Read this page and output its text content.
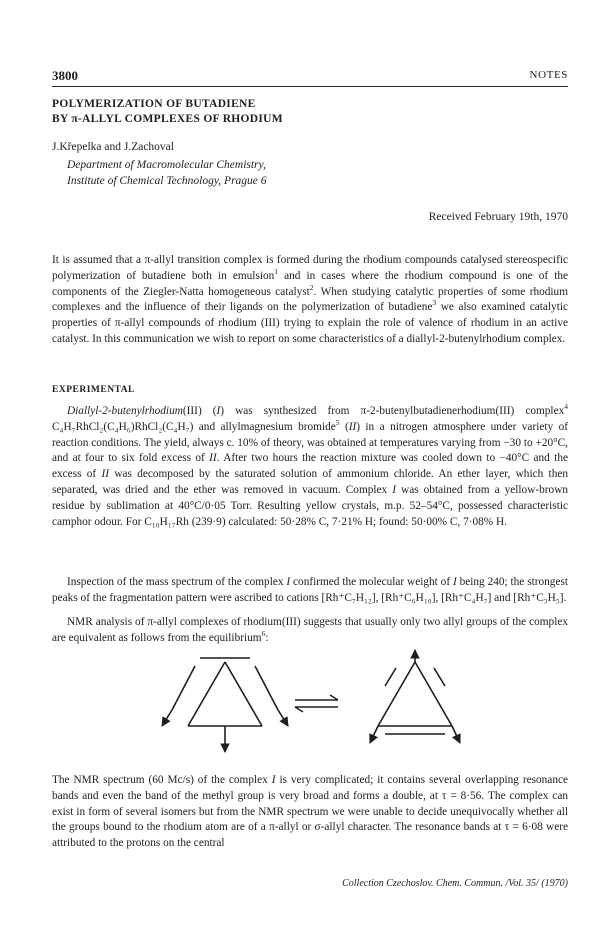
3800	NOTES
POLYMERIZATION OF BUTADIENE
BY π-ALLYL COMPLEXES OF RHODIUM
J.Křepelka and J.Zachoval
Department of Macromolecular Chemistry,
Institute of Chemical Technology, Prague 6
Received February 19th, 1970

It is assumed that a π-allyl transition complex is formed during the rhodium compounds catalysed stereospecific polymerization of butadiene both in emulsion$^1$ and in cases where the rhodium compound is one of the components of the Ziegler-Natta homogeneous catalyst$^2$. When studying catalytic properties of some rhodium complexes and the influence of their ligands on the polymerization of butadiene$^3$ we also examined catalytic properties of π-allyl compounds of rhodium (III) trying to explain the role of valence of rhodium in an active catalyst. In this communication we wish to report on some characteristics of a diallyl-2-butenylrhodium complex.

EXPERIMENTAL

Diallyl-2-butenylrhodium(III) (I) was synthesized from π-2-butenylbutadienerhodium(III) complex$^4$ C₄H₇RhCl₂(C₄H₆)RhCl₂(C₄H₇) and allylmagnesium bromide$^5$ (II) in a nitrogen atmosphere under variety of reaction conditions. The yield, always c. 10% of theory, was obtained at temperatures varying from −30 to +20°C, and at four to six fold excess of II. After two hours the reaction mixture was cooled down to −40°C and the excess of II was decomposed by the saturated solution of ammonium chloride. An ether layer, which then separated, was dried and the ether was removed in vacuum. Complex I was obtained from a yellow-brown residue by sublimation at 40°C/0·05 Torr. Resulting yellow crystals, m.p. 52–54°C, possessed characteristic camphor odour. For C₁₀H₁₇Rh (239·9) calculated: 50·28% C, 7·21% H; found: 50·00% C, 7·08% H.

Inspection of the mass spectrum of the complex I confirmed the molecular weight of I being 240; the strongest peaks of the fragmentation pattern were ascribed to cations [Rh⁺C₇H₁₂], [Rh⁺C₆H₁₀], [Rh⁺C₄H₇] and [Rh⁺C₃H₅].

NMR analysis of π-allyl complexes of rhodium(III) suggests that usually only two allyl groups of the complex are equivalent as follows from the equilibrium$^6$:

The NMR spectrum (60 Mc/s) of the complex I is very complicated; it contains several overlapping resonance bands and even the band of the methyl group is very broad and forms a double, at τ = 8·56. The complex can exist in form of several isomers but from the NMR spectrum we were unable to decide unequivocally whether all the groups bound to the rhodium atom are of a π-allyl or σ-allyl character. The resonance bands at τ = 6·08 were attributed to the protons on the central

Collection Czechoslov. Chem. Commun. /Vol. 35/ (1970)
